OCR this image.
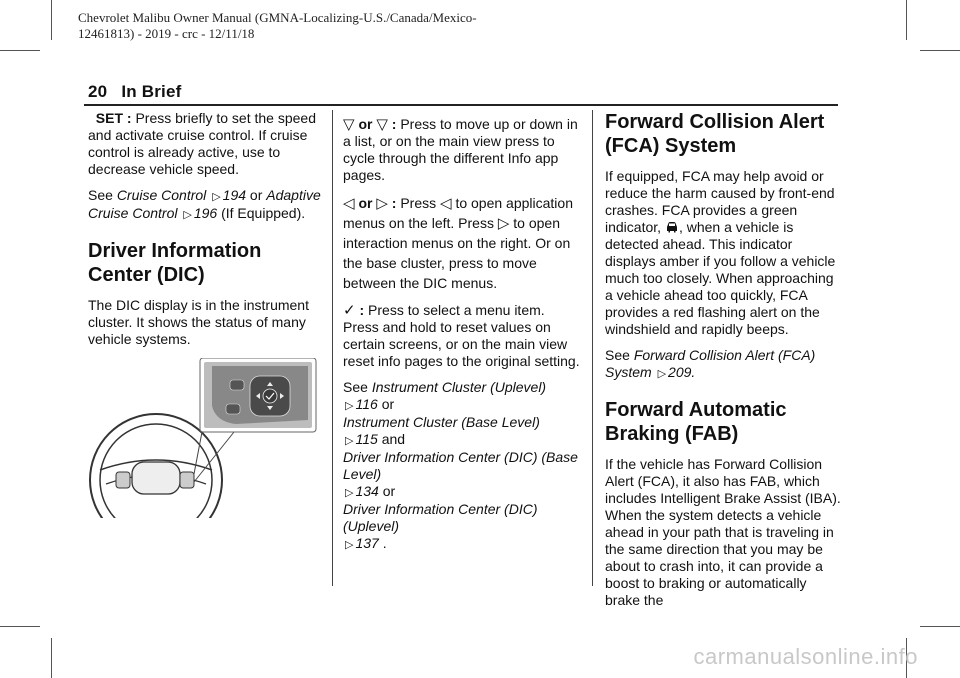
Chevrolet Malibu Owner Manual (GMNA-Localizing-U.S./Canada/Mexico-
12461813) - 2019 - crc - 12/11/18
20 In Brief

SET : Press briefly to set the speed and activate cruise control. If cruise control is already active, use to decrease vehicle speed.

See Cruise Control ▷ 194 or Adaptive Cruise Control ▷ 196 (If Equipped).

Driver Information Center (DIC)

The DIC display is in the instrument cluster. It shows the status of many vehicle systems.

▽ or ▽ : Press to move up or down in a list, or on the main view press to cycle through the different Info app pages.

◁ or ▷ : Press ◁ to open application menus on the left. Press ▷ to open interaction menus on the right. Or on the base cluster, press to move between the DIC menus.

✓ : Press to select a menu item. Press and hold to reset values on certain screens, or on the main view reset info pages to the original setting.

See Instrument Cluster (Uplevel)
▷ 116 or
Instrument Cluster (Base Level)
▷ 115 and
Driver Information Center (DIC) (Base Level)
▷ 134 or
Driver Information Center (DIC) (Uplevel)
▷ 137 .

Forward Collision Alert (FCA) System

If equipped, FCA may help avoid or reduce the harm caused by front-end crashes. FCA provides a green indicator, , when a vehicle is detected ahead. This indicator displays amber if you follow a vehicle much too closely. When approaching a vehicle ahead too quickly, FCA provides a red flashing alert on the windshield and rapidly beeps.

See Forward Collision Alert (FCA) System ▷ 209.

Forward Automatic Braking (FAB)

If the vehicle has Forward Collision Alert (FCA), it also has FAB, which includes Intelligent Brake Assist (IBA). When the system detects a vehicle ahead in your path that is traveling in the same direction that you may be about to crash into, it can provide a boost to braking or automatically brake the

carmanualsonline.info
